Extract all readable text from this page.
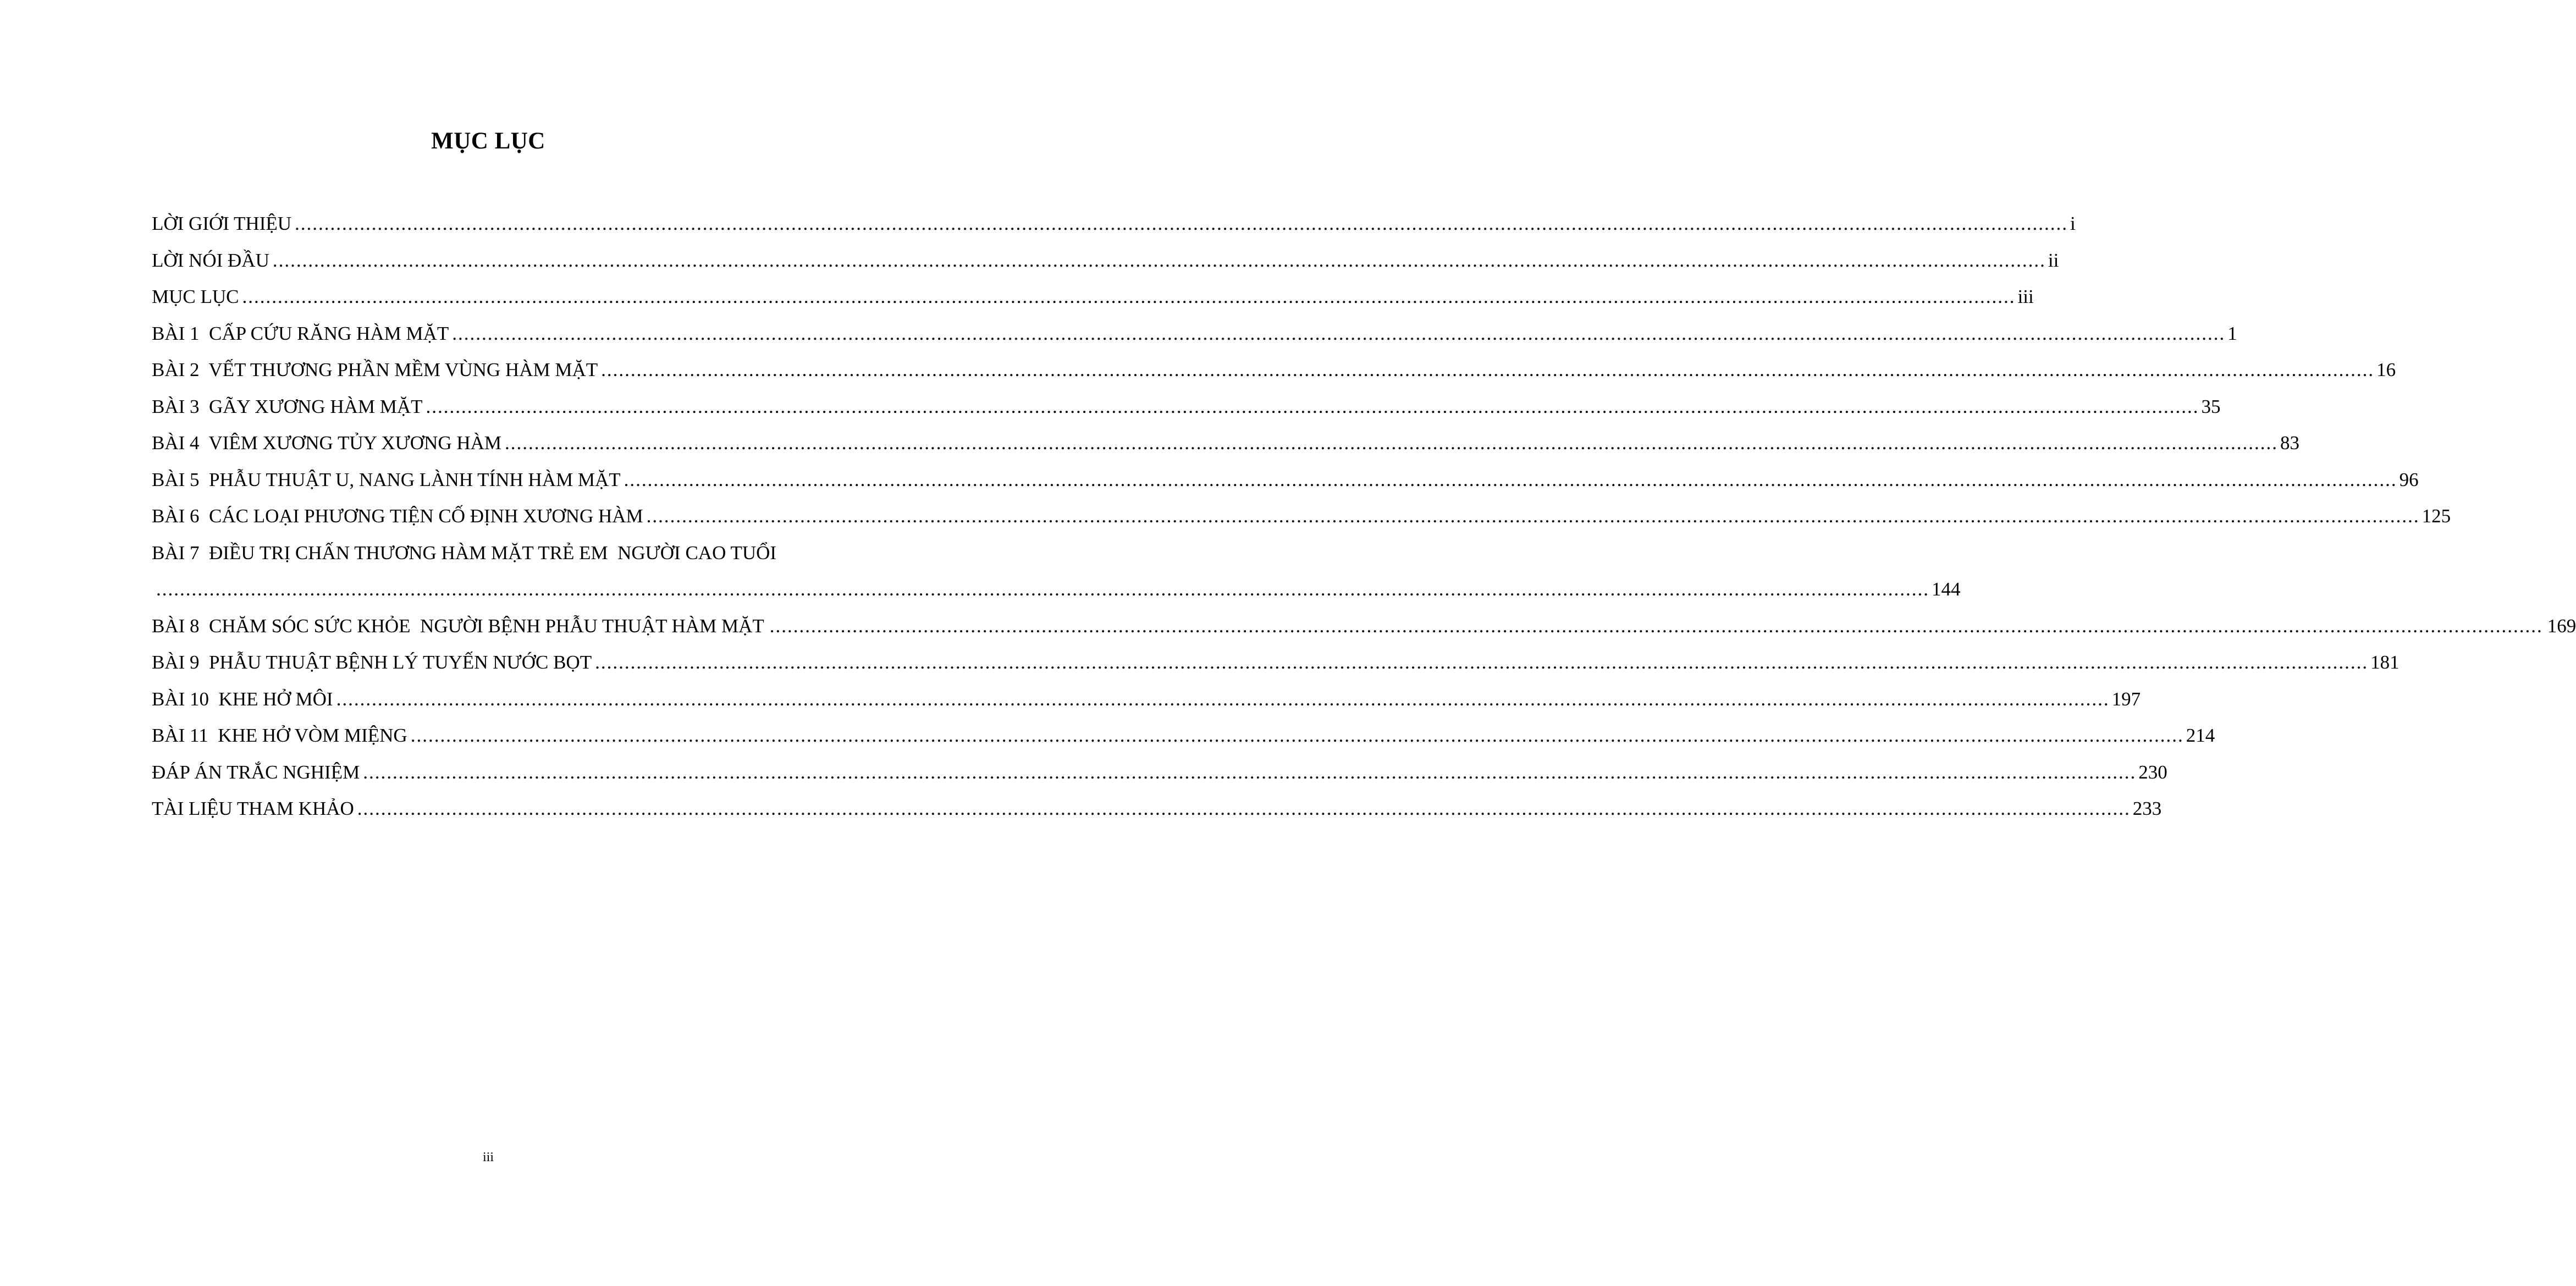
MỤC LỤC
LỜI GIỚI THIỆU ............................................................................................................................................................................................................................................................................................................ i
LỜI NÓI ĐẦU ............................................................................................................................................................................................................................................................................................................ ii
MỤC LỤC ............................................................................................................................................................................................................................................................................................................ iii
BÀI 1  CẤP CỨU RĂNG HÀM MẶT ............................................................................................................................................................................................................................................................................................................ 1
BÀI 2  VẾT THƯƠNG PHẦN MỀM VÙNG HÀM MẶT ............................................................................................................................................................................................................................................................................................................ 16
BÀI 3  GÃY XƯƠNG HÀM MẶT ............................................................................................................................................................................................................................................................................................................ 35
BÀI 4  VIÊM XƯƠNG TỦY XƯƠNG HÀM ............................................................................................................................................................................................................................................................................................................ 83
BÀI 5  PHẪU THUẬT U, NANG LÀNH TÍNH HÀM MẶT ............................................................................................................................................................................................................................................................................................................ 96
BÀI 6  CÁC LOẠI PHƯƠNG TIỆN CỐ ĐỊNH XƯƠNG HÀM ............................................................................................................................................................................................................................................................................................................ 125
BÀI 7  ĐIỀU TRỊ CHẤN THƯƠNG HÀM MẶT TRẺ EM  NGƯỜI CAO TUỔI
............................................................................................................................................................................................................................................................................................................ 144
BÀI 8  CHĂM SÓC SỨC KHỎE  NGƯỜI BỆNH PHẪU THUẬT HÀM MẶT ............................................................................................................................................................................................................................................................................................................ 169
BÀI 9  PHẪU THUẬT BỆNH LÝ TUYẾN NƯỚC BỌT ............................................................................................................................................................................................................................................................................................................ 181
BÀI 10  KHE HỞ MÔI ............................................................................................................................................................................................................................................................................................................ 197
BÀI 11  KHE HỞ VÒM MIỆNG ............................................................................................................................................................................................................................................................................................................ 214
ĐÁP ÁN TRẮC NGHIỆM ............................................................................................................................................................................................................................................................................................................ 230
TÀI LIỆU THAM KHẢO ............................................................................................................................................................................................................................................................................................................ 233
iii
